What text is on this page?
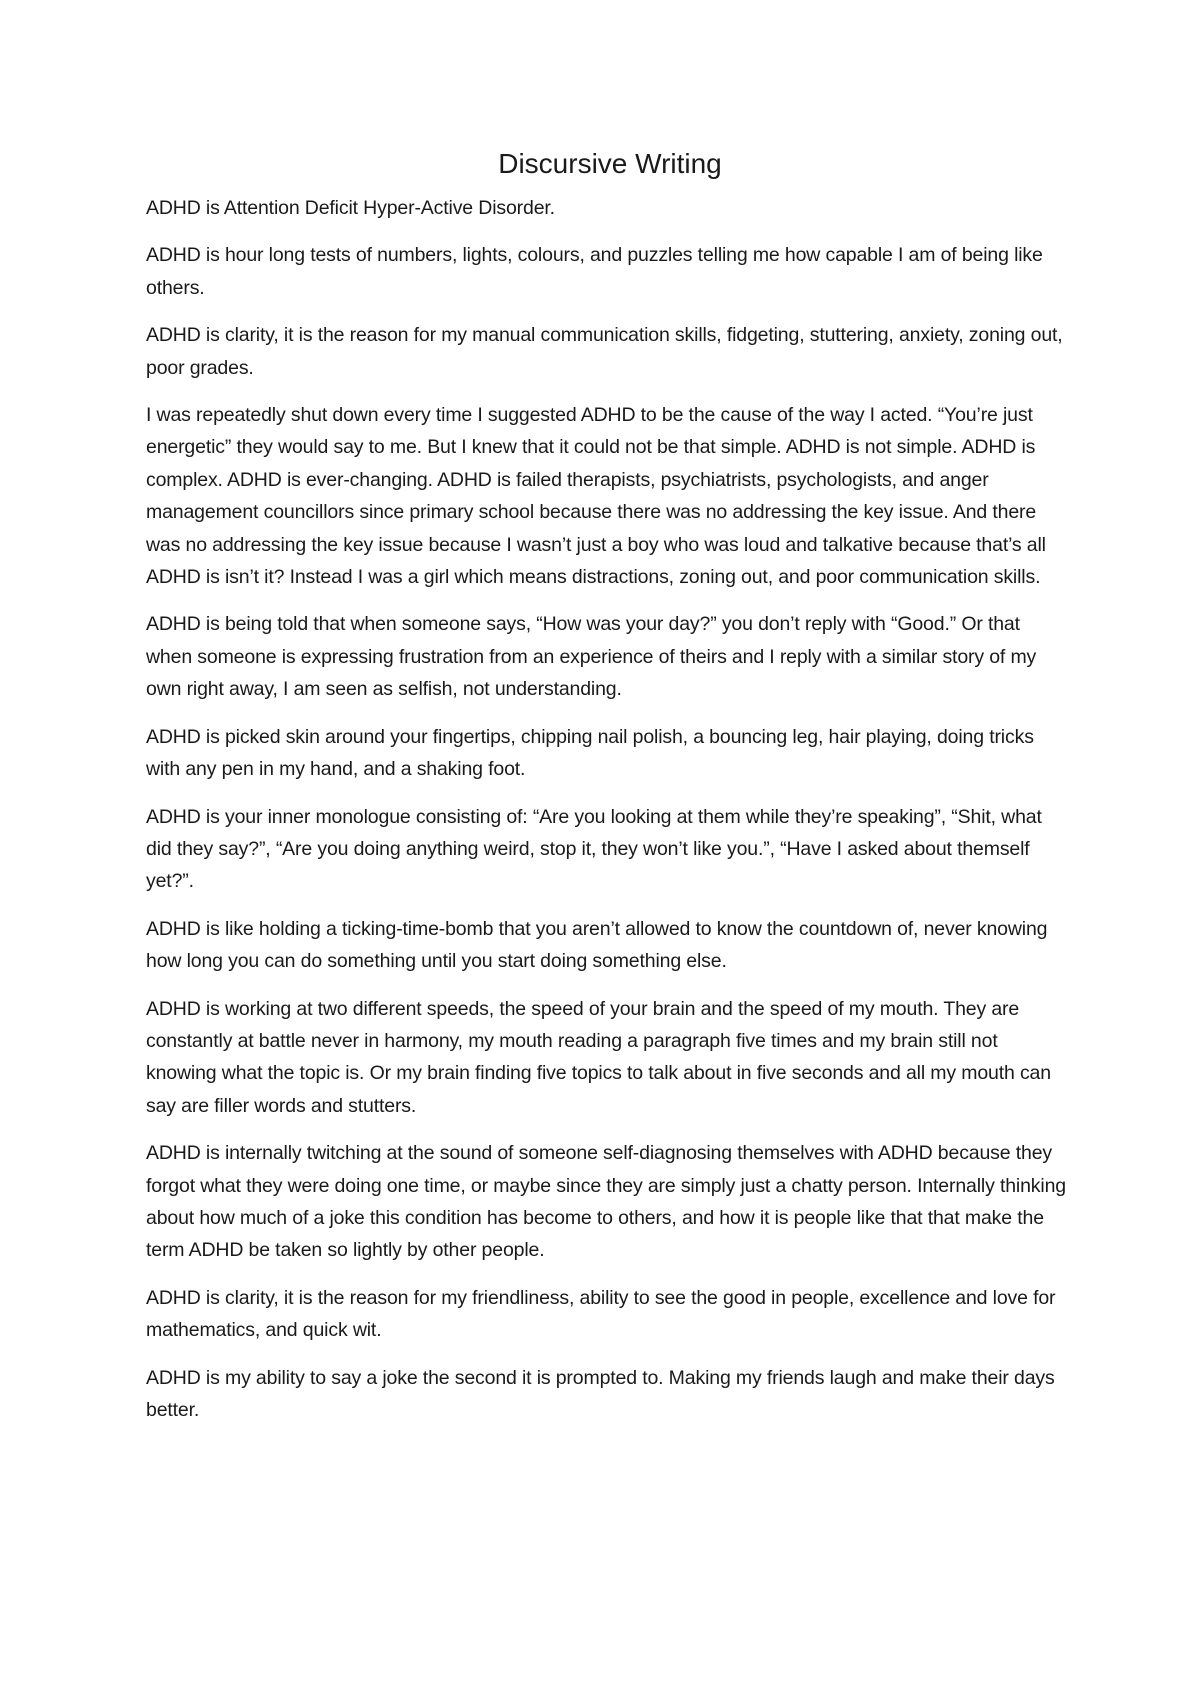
Discursive Writing

ADHD is Attention Deficit Hyper-Active Disorder.

ADHD is hour long tests of numbers, lights, colours, and puzzles telling me how capable I am of being like others.

ADHD is clarity, it is the reason for my manual communication skills, fidgeting, stuttering, anxiety, zoning out, poor grades.

I was repeatedly shut down every time I suggested ADHD to be the cause of the way I acted. “You’re just energetic” they would say to me. But I knew that it could not be that simple. ADHD is not simple. ADHD is complex. ADHD is ever-changing. ADHD is failed therapists, psychiatrists, psychologists, and anger management councillors since primary school because there was no addressing the key issue. And there was no addressing the key issue because I wasn’t just a boy who was loud and talkative because that’s all ADHD is isn’t it? Instead I was a girl which means distractions, zoning out, and poor communication skills.

ADHD is being told that when someone says, “How was your day?” you don’t reply with “Good.” Or that when someone is expressing frustration from an experience of theirs and I reply with a similar story of my own right away, I am seen as selfish, not understanding.

ADHD is picked skin around your fingertips, chipping nail polish, a bouncing leg, hair playing, doing tricks with any pen in my hand, and a shaking foot.

ADHD is your inner monologue consisting of: “Are you looking at them while they’re speaking”, “Shit, what did they say?”, “Are you doing anything weird, stop it, they won’t like you.”, “Have I asked about themself yet?”.

ADHD is like holding a ticking-time-bomb that you aren’t allowed to know the countdown of, never knowing how long you can do something until you start doing something else.

ADHD is working at two different speeds, the speed of your brain and the speed of my mouth. They are constantly at battle never in harmony, my mouth reading a paragraph five times and my brain still not knowing what the topic is. Or my brain finding five topics to talk about in five seconds and all my mouth can say are filler words and stutters.

ADHD is internally twitching at the sound of someone self-diagnosing themselves with ADHD because they forgot what they were doing one time, or maybe since they are simply just a chatty person. Internally thinking about how much of a joke this condition has become to others, and how it is people like that that make the term ADHD be taken so lightly by other people.

ADHD is clarity, it is the reason for my friendliness, ability to see the good in people, excellence and love for mathematics, and quick wit.

ADHD is my ability to say a joke the second it is prompted to. Making my friends laugh and make their days better.
